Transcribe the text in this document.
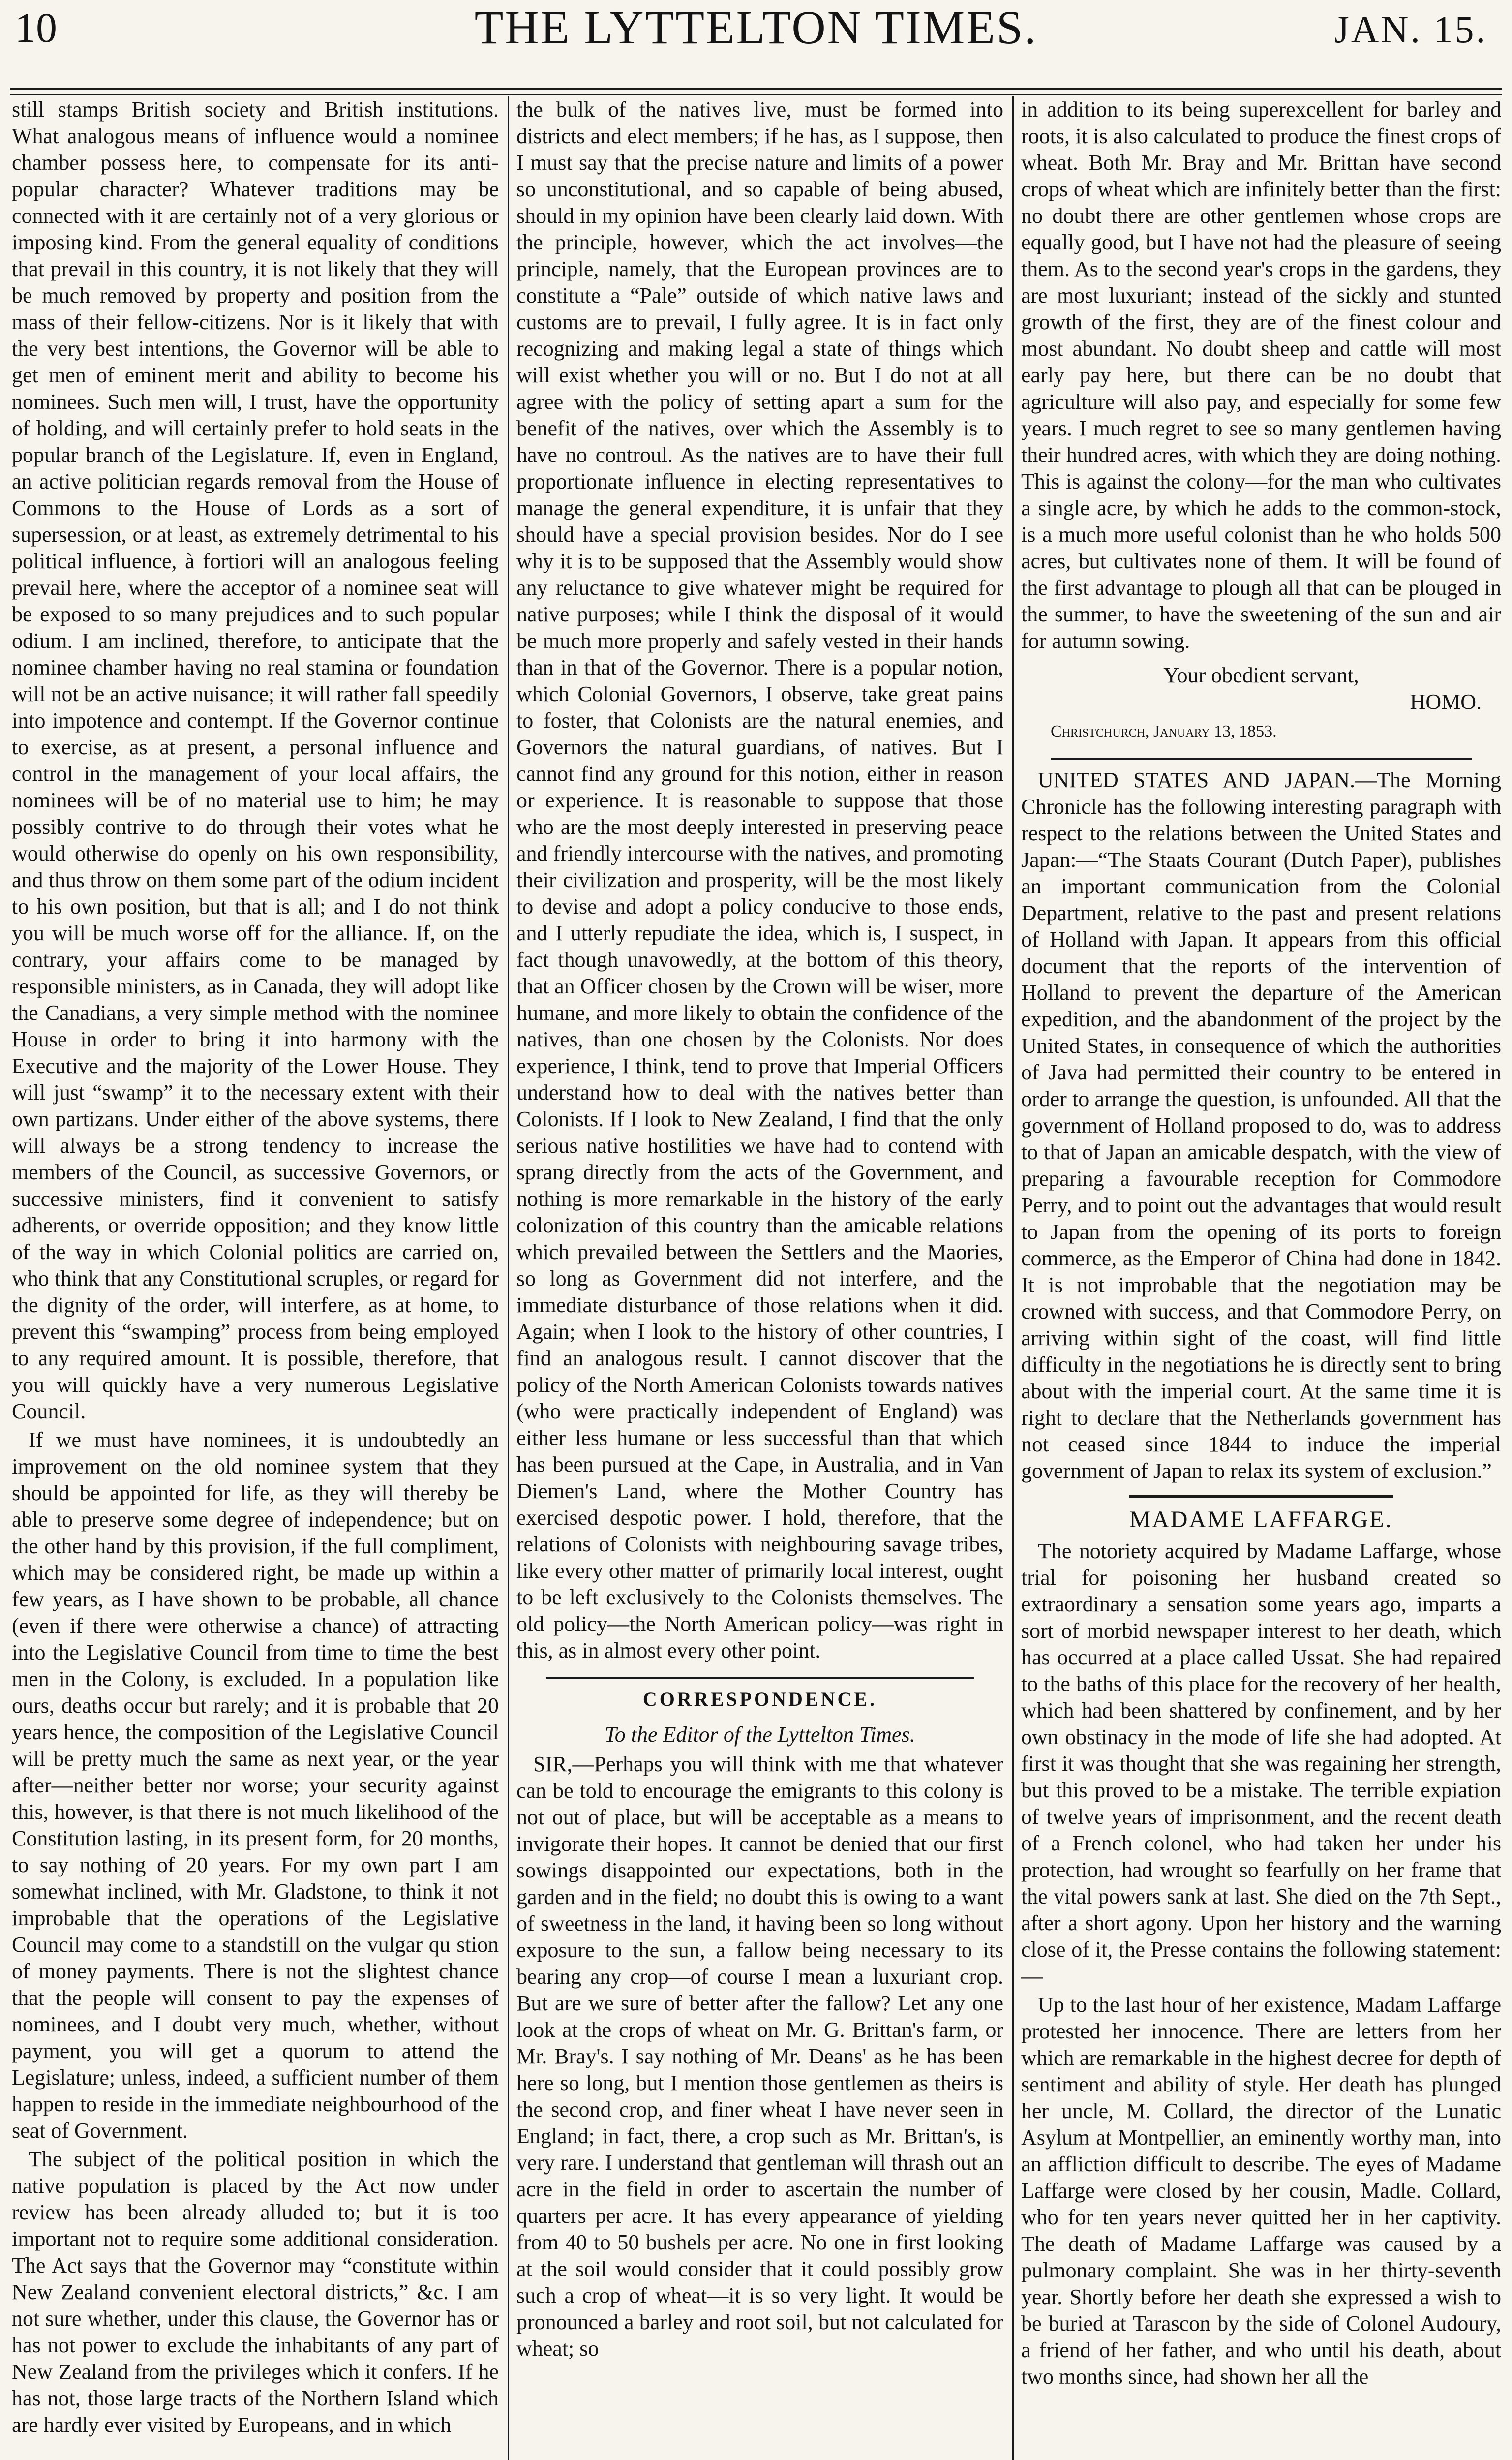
10	THE LYTTELTON TIMES.	JAN. 15.

still stamps British society and British institutions. What analogous means of influence would a nominee chamber possess here, to compensate for its anti-popular character? Whatever traditions may be connected with it are certainly not of a very glorious or imposing kind. From the general equality of conditions that prevail in this country, it is not likely that they will be much removed by property and position from the mass of their fellow-citizens. Nor is it likely that with the very best intentions, the Governor will be able to get men of eminent merit and ability to become his nominees. Such men will, I trust, have the opportunity of holding, and will certainly prefer to hold seats in the popular branch of the Legislature. If, even in England, an active politician regards removal from the House of Commons to the House of Lords as a sort of supersession, or at least, as extremely detrimental to his political influence, à fortiori will an analogous feeling prevail here, where the acceptor of a nominee seat will be exposed to so many prejudices and to such popular odium. I am inclined, therefore, to anticipate that the nominee chamber having no real stamina or foundation will not be an active nuisance; it will rather fall speedily into impotence and contempt. If the Governor continue to exercise, as at present, a personal influence and control in the management of your local affairs, the nominees will be of no material use to him; he may possibly contrive to do through their votes what he would otherwise do openly on his own responsibility, and thus throw on them some part of the odium incident to his own position, but that is all; and I do not think you will be much worse off for the alliance. If, on the contrary, your affairs come to be managed by responsible ministers, as in Canada, they will adopt like the Canadians, a very simple method with the nominee House in order to bring it into harmony with the Executive and the majority of the Lower House. They will just “swamp” it to the necessary extent with their own partizans. Under either of the above systems, there will always be a strong tendency to increase the members of the Council, as successive Governors, or successive ministers, find it convenient to satisfy adherents, or override opposition; and they know little of the way in which Colonial politics are carried on, who think that any Constitutional scruples, or regard for the dignity of the order, will interfere, as at home, to prevent this “swamping” process from being employed to any required amount. It is possible, therefore, that you will quickly have a very numerous Legislative Council.

If we must have nominees, it is undoubtedly an improvement on the old nominee system that they should be appointed for life, as they will thereby be able to preserve some degree of independence; but on the other hand by this provision, if the full compliment, which may be considered right, be made up within a few years, as I have shown to be probable, all chance (even if there were otherwise a chance) of attracting into the Legislative Council from time to time the best men in the Colony, is excluded. In a population like ours, deaths occur but rarely; and it is probable that 20 years hence, the composition of the Legislative Council will be pretty much the same as next year, or the year after—neither better nor worse; your security against this, however, is that there is not much likelihood of the Constitution lasting, in its present form, for 20 months, to say nothing of 20 years. For my own part I am somewhat inclined, with Mr. Gladstone, to think it not improbable that the operations of the Legislative Council may come to a standstill on the vulgar qu stion of money payments. There is not the slightest chance that the people will consent to pay the expenses of nominees, and I doubt very much, whether, without payment, you will get a quorum to attend the Legislature; unless, indeed, a sufficient number of them happen to reside in the immediate neighbourhood of the seat of Government.

The subject of the political position in which the native population is placed by the Act now under review has been already alluded to; but it is too important not to require some additional consideration. The Act says that the Governor may “constitute within New Zealand convenient electoral districts,” &c. I am not sure whether, under this clause, the Governor has or has not power to exclude the inhabitants of any part of New Zealand from the privileges which it confers. If he has not, those large tracts of the Northern Island which are hardly ever visited by Europeans, and in which

the bulk of the natives live, must be formed into districts and elect members; if he has, as I suppose, then I must say that the precise nature and limits of a power so unconstitutional, and so capable of being abused, should in my opinion have been clearly laid down. With the principle, however, which the act involves—the principle, namely, that the European provinces are to constitute a “Pale” outside of which native laws and customs are to prevail, I fully agree. It is in fact only recognizing and making legal a state of things which will exist whether you will or no. But I do not at all agree with the policy of setting apart a sum for the benefit of the natives, over which the Assembly is to have no controul. As the natives are to have their full proportionate influence in electing representatives to manage the general expenditure, it is unfair that they should have a special provision besides. Nor do I see why it is to be supposed that the Assembly would show any reluctance to give whatever might be required for native purposes; while I think the disposal of it would be much more properly and safely vested in their hands than in that of the Governor. There is a popular notion, which Colonial Governors, I observe, take great pains to foster, that Colonists are the natural enemies, and Governors the natural guardians, of natives. But I cannot find any ground for this notion, either in reason or experience. It is reasonable to suppose that those who are the most deeply interested in preserving peace and friendly intercourse with the natives, and promoting their civilization and prosperity, will be the most likely to devise and adopt a policy conducive to those ends, and I utterly repudiate the idea, which is, I suspect, in fact though unavowedly, at the bottom of this theory, that an Officer chosen by the Crown will be wiser, more humane, and more likely to obtain the confidence of the natives, than one chosen by the Colonists. Nor does experience, I think, tend to prove that Imperial Officers understand how to deal with the natives better than Colonists. If I look to New Zealand, I find that the only serious native hostilities we have had to contend with sprang directly from the acts of the Government, and nothing is more remarkable in the history of the early colonization of this country than the amicable relations which prevailed between the Settlers and the Maories, so long as Government did not interfere, and the immediate disturbance of those relations when it did. Again; when I look to the history of other countries, I find an analogous result. I cannot discover that the policy of the North American Colonists towards natives (who were practically independent of England) was either less humane or less successful than that which has been pursued at the Cape, in Australia, and in Van Diemen's Land, where the Mother Country has exercised despotic power. I hold, therefore, that the relations of Colonists with neighbouring savage tribes, like every other matter of primarily local interest, ought to be left exclusively to the Colonists themselves. The old policy—the North American policy—was right in this, as in almost every other point.

CORRESPONDENCE.
To the Editor of the Lyttelton Times.

SIR,—Perhaps you will think with me that whatever can be told to encourage the emigrants to this colony is not out of place, but will be acceptable as a means to invigorate their hopes. It cannot be denied that our first sowings disappointed our expectations, both in the garden and in the field; no doubt this is owing to a want of sweetness in the land, it having been so long without exposure to the sun, a fallow being necessary to its bearing any crop—of course I mean a luxuriant crop. But are we sure of better after the fallow? Let any one look at the crops of wheat on Mr. G. Brittan's farm, or Mr. Bray's. I say nothing of Mr. Deans' as he has been here so long, but I mention those gentlemen as theirs is the second crop, and finer wheat I have never seen in England; in fact, there, a crop such as Mr. Brittan's, is very rare. I understand that gentleman will thrash out an acre in the field in order to ascertain the number of quarters per acre. It has every appearance of yielding from 40 to 50 bushels per acre. No one in first looking at the soil would consider that it could possibly grow such a crop of wheat—it is so very light. It would be pronounced a barley and root soil, but not calculated for wheat; so

in addition to its being superexcellent for barley and roots, it is also calculated to produce the finest crops of wheat. Both Mr. Bray and Mr. Brittan have second crops of wheat which are infinitely better than the first: no doubt there are other gentlemen whose crops are equally good, but I have not had the pleasure of seeing them. As to the second year's crops in the gardens, they are most luxuriant; instead of the sickly and stunted growth of the first, they are of the finest colour and most abundant. No doubt sheep and cattle will most early pay here, but there can be no doubt that agriculture will also pay, and especially for some few years. I much regret to see so many gentlemen having their hundred acres, with which they are doing nothing. This is against the colony—for the man who cultivates a single acre, by which he adds to the common-stock, is a much more useful colonist than he who holds 500 acres, but cultivates none of them. It will be found of the first advantage to plough all that can be plouged in the summer, to have the sweetening of the sun and air for autumn sowing.

Your obedient servant,
HOMO.
Christchurch, January 13, 1853.

UNITED STATES AND JAPAN.—The Morning Chronicle has the following interesting paragraph with respect to the relations between the United States and Japan:—“The Staats Courant (Dutch Paper), publishes an important communication from the Colonial Department, relative to the past and present relations of Holland with Japan. It appears from this official document that the reports of the intervention of Holland to prevent the departure of the American expedition, and the abandonment of the project by the United States, in consequence of which the authorities of Java had permitted their country to be entered in order to arrange the question, is unfounded. All that the government of Holland proposed to do, was to address to that of Japan an amicable despatch, with the view of preparing a favourable reception for Commodore Perry, and to point out the advantages that would result to Japan from the opening of its ports to foreign commerce, as the Emperor of China had done in 1842. It is not improbable that the negotiation may be crowned with success, and that Commodore Perry, on arriving within sight of the coast, will find little difficulty in the negotiations he is directly sent to bring about with the imperial court. At the same time it is right to declare that the Netherlands government has not ceased since 1844 to induce the imperial government of Japan to relax its system of exclusion.”

MADAME LAFFARGE.

The notoriety acquired by Madame Laffarge, whose trial for poisoning her husband created so extraordinary a sensation some years ago, imparts a sort of morbid newspaper interest to her death, which has occurred at a place called Ussat. She had repaired to the baths of this place for the recovery of her health, which had been shattered by confinement, and by her own obstinacy in the mode of life she had adopted. At first it was thought that she was regaining her strength, but this proved to be a mistake. The terrible expiation of twelve years of imprisonment, and the recent death of a French colonel, who had taken her under his protection, had wrought so fearfully on her frame that the vital powers sank at last. She died on the 7th Sept., after a short agony. Upon her history and the warning close of it, the Presse contains the following statement:—

Up to the last hour of her existence, Madam Laffarge protested her innocence. There are letters from her which are remarkable in the highest decree for depth of sentiment and ability of style. Her death has plunged her uncle, M. Collard, the director of the Lunatic Asylum at Montpellier, an eminently worthy man, into an affliction difficult to describe. The eyes of Madame Laffarge were closed by her cousin, Madle. Collard, who for ten years never quitted her in her captivity. The death of Madame Laffarge was caused by a pulmonary complaint. She was in her thirty-seventh year. Shortly before her death she expressed a wish to be buried at Tarascon by the side of Colonel Audoury, a friend of her father, and who until his death, about two months since, had shown her all the
